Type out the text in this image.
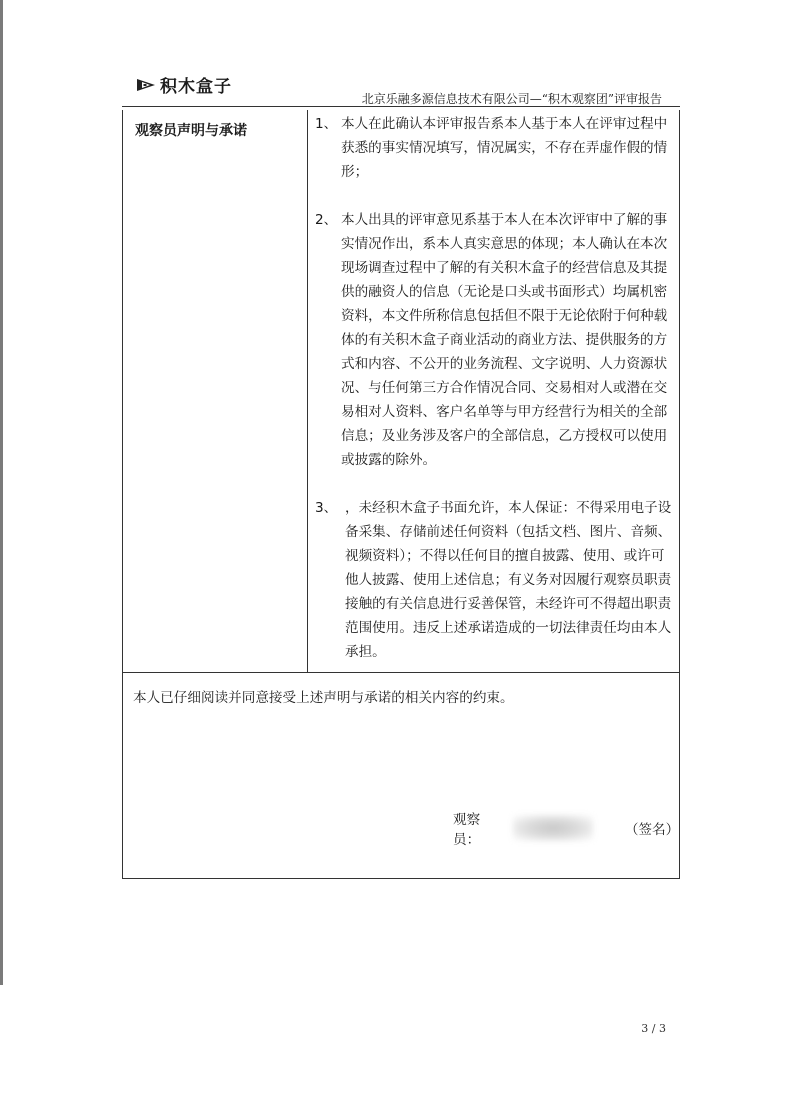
积木盒子
北京乐融多源信息技术有限公司—“积木观察团”评审报告
观察员声明与承诺	1、 本人在此确认本评审报告系本人基于本人在评审过程中获悉的事实情况填写，情况属实，不存在弄虚作假的情形；
2、 本人出具的评审意见系基于本人在本次评审中了解的事实情况作出，系本人真实意思的体现；本人确认在本次现场调查过程中了解的有关积木盒子的经营信息及其提供的融资人的信息（无论是口头或书面形式）均属机密资料，本文件所称信息包括但不限于无论依附于何种载体的有关积木盒子商业活动的商业方法、提供服务的方式和内容、不公开的业务流程、文字说明、人力资源状况、与任何第三方合作情况合同、交易相对人或潜在交易相对人资料、客户名单等与甲方经营行为相关的全部信息；及业务涉及客户的全部信息，乙方授权可以使用或披露的除外。
3、 ，未经积木盒子书面允许，本人保证：不得采用电子设备采集、存储前述任何资料（包括文档、图片、音频、视频资料）；不得以任何目的擅自披露、使用、或许可他人披露、使用上述信息；有义务对因履行观察员职责接触的有关信息进行妥善保管，未经许可不得超出职责范围使用。违反上述承诺造成的一切法律责任均由本人承担。
本人已仔细阅读并同意接受上述声明与承诺的相关内容的约束。
观察员：
（签名）
3 / 3
